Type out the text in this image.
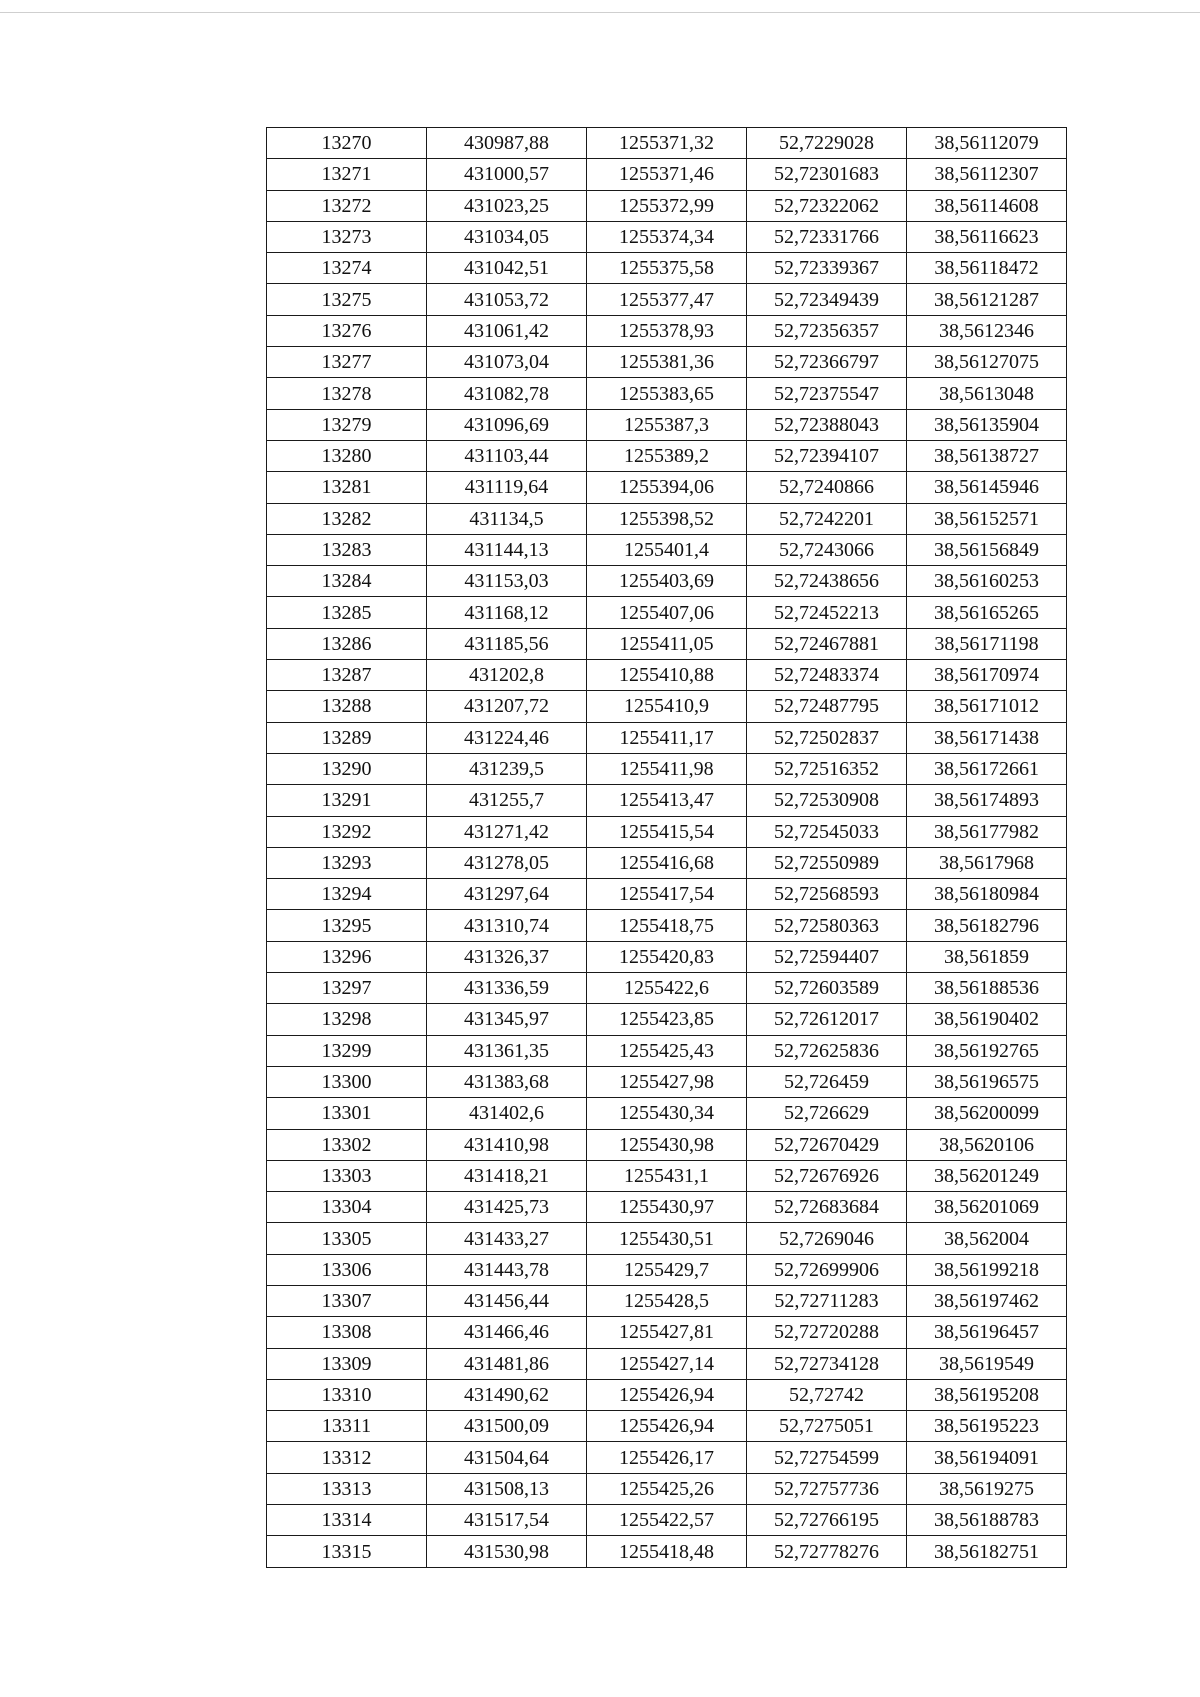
13270	430987,88	1255371,32	52,7229028	38,56112079
13271	431000,57	1255371,46	52,72301683	38,56112307
13272	431023,25	1255372,99	52,72322062	38,56114608
13273	431034,05	1255374,34	52,72331766	38,56116623
13274	431042,51	1255375,58	52,72339367	38,56118472
13275	431053,72	1255377,47	52,72349439	38,56121287
13276	431061,42	1255378,93	52,72356357	38,5612346
13277	431073,04	1255381,36	52,72366797	38,56127075
13278	431082,78	1255383,65	52,72375547	38,5613048
13279	431096,69	1255387,3	52,72388043	38,56135904
13280	431103,44	1255389,2	52,72394107	38,56138727
13281	431119,64	1255394,06	52,7240866	38,56145946
13282	431134,5	1255398,52	52,7242201	38,56152571
13283	431144,13	1255401,4	52,7243066	38,56156849
13284	431153,03	1255403,69	52,72438656	38,56160253
13285	431168,12	1255407,06	52,72452213	38,56165265
13286	431185,56	1255411,05	52,72467881	38,56171198
13287	431202,8	1255410,88	52,72483374	38,56170974
13288	431207,72	1255410,9	52,72487795	38,56171012
13289	431224,46	1255411,17	52,72502837	38,56171438
13290	431239,5	1255411,98	52,72516352	38,56172661
13291	431255,7	1255413,47	52,72530908	38,56174893
13292	431271,42	1255415,54	52,72545033	38,56177982
13293	431278,05	1255416,68	52,72550989	38,5617968
13294	431297,64	1255417,54	52,72568593	38,56180984
13295	431310,74	1255418,75	52,72580363	38,56182796
13296	431326,37	1255420,83	52,72594407	38,561859
13297	431336,59	1255422,6	52,72603589	38,56188536
13298	431345,97	1255423,85	52,72612017	38,56190402
13299	431361,35	1255425,43	52,72625836	38,56192765
13300	431383,68	1255427,98	52,726459	38,56196575
13301	431402,6	1255430,34	52,726629	38,56200099
13302	431410,98	1255430,98	52,72670429	38,5620106
13303	431418,21	1255431,1	52,72676926	38,56201249
13304	431425,73	1255430,97	52,72683684	38,56201069
13305	431433,27	1255430,51	52,7269046	38,562004
13306	431443,78	1255429,7	52,72699906	38,56199218
13307	431456,44	1255428,5	52,72711283	38,56197462
13308	431466,46	1255427,81	52,72720288	38,56196457
13309	431481,86	1255427,14	52,72734128	38,5619549
13310	431490,62	1255426,94	52,72742	38,56195208
13311	431500,09	1255426,94	52,7275051	38,56195223
13312	431504,64	1255426,17	52,72754599	38,56194091
13313	431508,13	1255425,26	52,72757736	38,5619275
13314	431517,54	1255422,57	52,72766195	38,56188783
13315	431530,98	1255418,48	52,72778276	38,56182751
